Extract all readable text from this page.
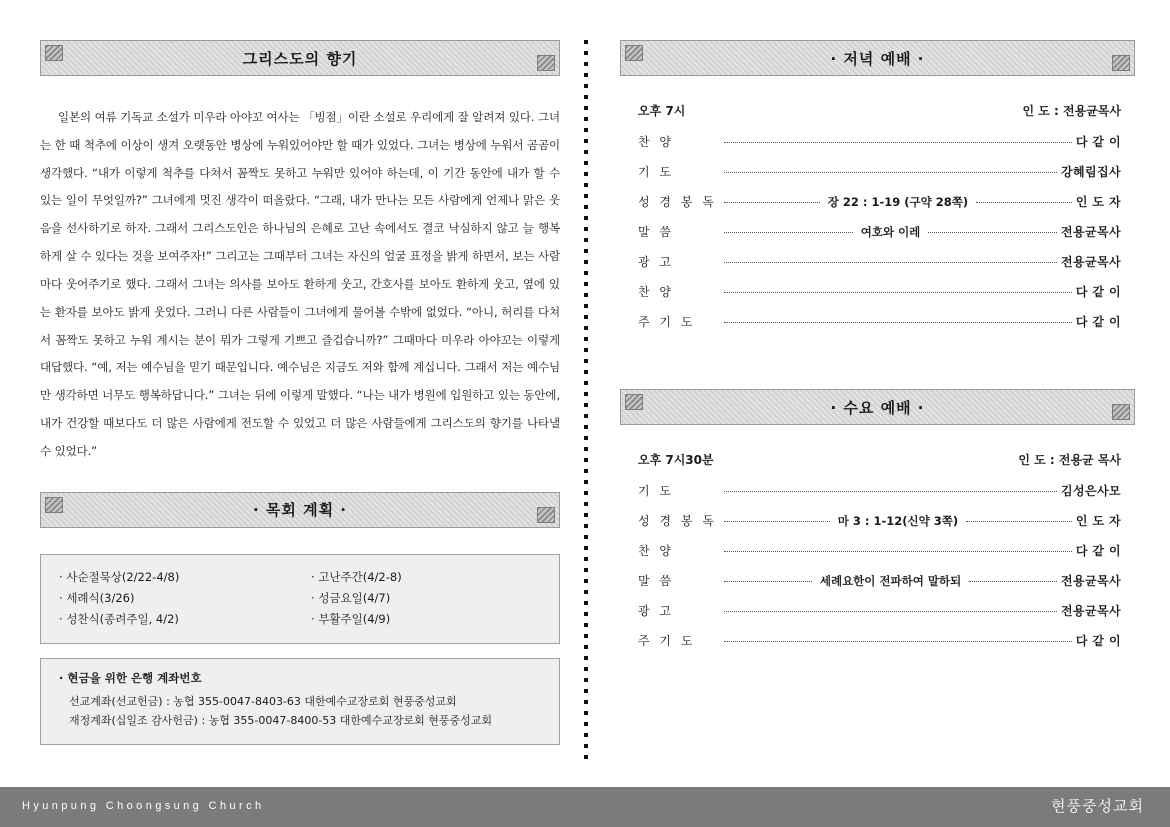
그리스도의 향기

일본의 여류 기독교 소설가 미우라 아야꼬 여사는 「빙점」이란 소설로 우리에게 잘 알려져 있다. 그녀는 한 때 척추에 이상이 생겨 오랫동안 병상에 누워있어야만 할 때가 있었다. 그녀는 병상에 누워서 곰곰이 생각했다. “내가 이렇게 척추를 다쳐서 꼼짝도 못하고 누워만 있어야 하는데, 이 기간 동안에 내가 할 수 있는 일이 무엇일까?” 그녀에게 멋진 생각이 떠올랐다. “그래, 내가 만나는 모든 사람에게 언제나 맑은 웃음을 선사하기로 하자. 그래서 그리스도인은 하나님의 은혜로 고난 속에서도 결코 낙심하지 않고 늘 행복하게 살 수 있다는 것을 보여주자!” 그리고는 그때부터 그녀는 자신의 얼굴 표정을 밝게 하면서, 보는 사람마다 웃어주기로 했다. 그래서 그녀는 의사를 보아도 환하게 웃고, 간호사를 보아도 환하게 웃고, 옆에 있는 환자를 보아도 밝게 웃었다. 그러니 다른 사람들이 그녀에게 물어볼 수밖에 없었다. “아니, 허리를 다쳐서 꼼짝도 못하고 누워 계시는 분이 뭐가 그렇게 기쁘고 즐겁습니까?” 그때마다 미우라 아야꼬는 이렇게 대답했다. “예, 저는 예수님을 믿기 때문입니다. 예수님은 지금도 저와 함께 계십니다. 그래서 저는 예수님만 생각하면 너무도 행복하답니다.” 그녀는 뒤에 이렇게 말했다. “나는 내가 병원에 입원하고 있는 동안에, 내가 건강할 때보다도 더 많은 사람에게 전도할 수 있었고 더 많은 사람들에게 그리스도의 향기를 나타낼 수 있었다.”

· 목회 계획 ·
· 사순절묵상(2/22-4/8)
· 세례식(3/26)
· 성찬식(종려주일, 4/2)
· 고난주간(4/2-8)
· 성금요일(4/7)
· 부활주일(4/9)
· 현금을 위한 은행 계좌번호
선교계좌(선교헌금) : 농협 355-0047-8403-63 대한예수교장로회 현풍중성교회
재정계좌(십일조 감사헌금) : 농협 355-0047-8400-53 대한예수교장로회 현풍중성교회
· 저녁 예배 ·
오후 7시	인 도 : 전용균목사
찬 양	다 같 이
기 도	강혜림집사
성 경 봉 독	장 22 : 1-19 (구약 28쪽)	인 도 자
말 씀	여호와 이레	전용균목사
광 고	전용균목사
찬 양	다 같 이
주 기 도	다 같 이
· 수요 예배 ·
오후 7시30분	인 도 : 전용균 목사
기 도	김성은사모
성 경 봉 독	마 3 : 1-12(신약 3쪽)	인 도 자
찬 양	다 같 이
말 씀	세례요한이 전파하여 말하되	전용균목사
광 고	전용균목사
주 기 도	다 같 이
Hyunpung Choongsung Church	현풍중성교회
